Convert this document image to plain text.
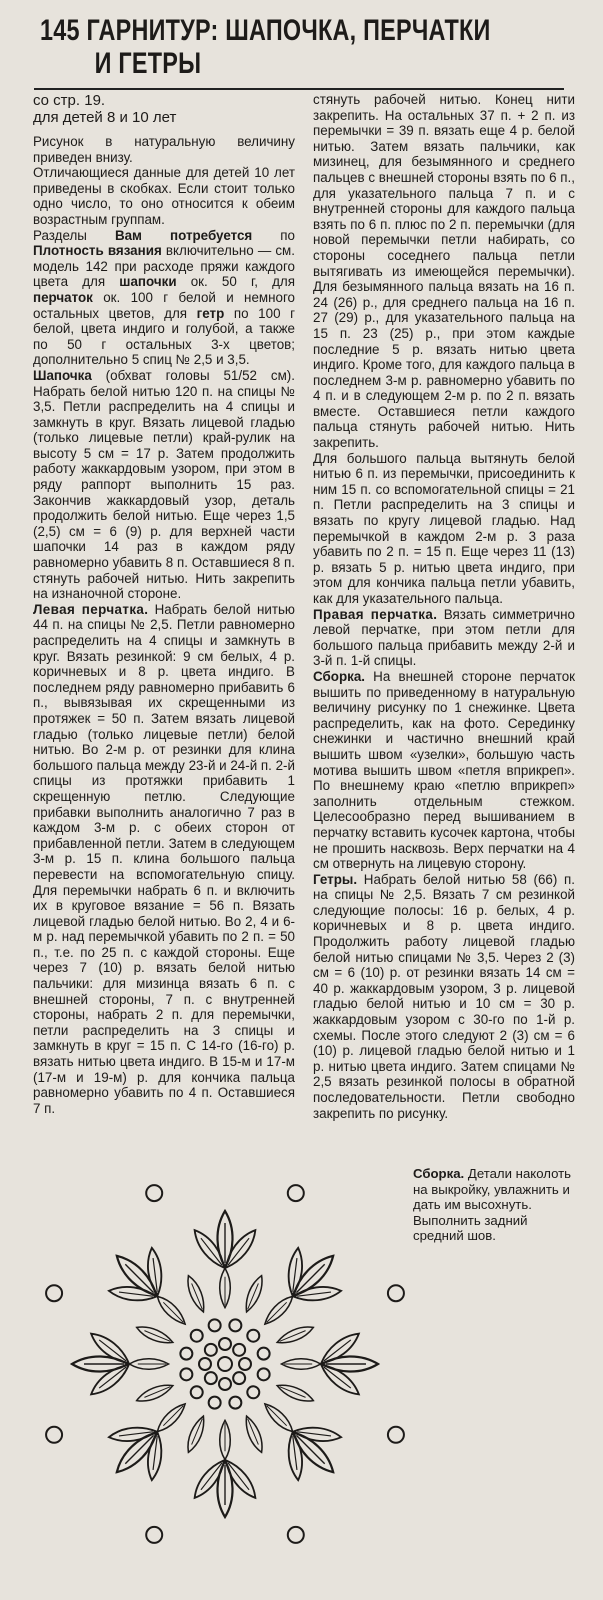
145 ГАРНИТУР: ШАПОЧКА, ПЕРЧАТКИ
И ГЕТРЫ

со стр. 19.
для детей 8 и 10 лет

Рисунок в натуральную величину приведен внизу.

Отличающиеся данные для детей 10 лет приведены в скобках. Если стоит только одно число, то оно относится к обеим возрастным группам.

Разделы Вам потребуется по Плотность вязания включительно — см. модель 142 при расходе пряжи каждого цвета для шапочки ок. 50 г, для перчаток ок. 100 г белой и немного остальных цветов, для гетр по 100 г белой, цвета индиго и голубой, а также по 50 г остальных 3-х цветов; дополнительно 5 спиц № 2,5 и 3,5.

Шапочка (обхват головы 51/52 см). Набрать белой нитью 120 п. на спицы № 3,5. Петли распределить на 4 спицы и замкнуть в круг. Вязать лицевой гладью (только лицевые петли) край-рулик на высоту 5 см = 17 р. Затем продолжить работу жаккардовым узором, при этом в ряду раппорт выполнить 15 раз. Закончив жаккардовый узор, деталь продолжить белой нитью. Еще через 1,5 (2,5) см = 6 (9) р. для верхней части шапочки 14 раз в каждом ряду равномерно убавить 8 п. Оставшиеся 8 п. стянуть рабочей нитью. Нить закрепить на изнаночной стороне.

Левая перчатка. Набрать белой нитью 44 п. на спицы № 2,5. Петли равномерно распределить на 4 спицы и замкнуть в круг. Вязать резинкой: 9 см белых, 4 р. коричневых и 8 р. цвета индиго. В последнем ряду равномерно прибавить 6 п., вывязывая их скрещенными из протяжек = 50 п. Затем вязать лицевой гладью (только лицевые петли) белой нитью. Во 2-м р. от резинки для клина большого пальца между 23-й и 24-й п. 2-й спицы из протяжки прибавить 1 скрещенную петлю. Следующие прибавки выполнить аналогично 7 раз в каждом 3-м р. с обеих сторон от прибавленной петли. Затем в следующем 3-м р. 15 п. клина большого пальца перевести на вспомогательную спицу. Для перемычки набрать 6 п. и включить их в круговое вязание = 56 п. Вязать лицевой гладью белой нитью. Во 2, 4 и 6-м р. над перемычкой убавить по 2 п. = 50 п., т.е. по 25 п. с каждой стороны. Еще через 7 (10) р. вязать белой нитью пальчики: для мизинца вязать 6 п. с внешней стороны, 7 п. с внутренней стороны, набрать 2 п. для перемычки, петли распределить на 3 спицы и замкнуть в круг = 15 п. С 14-го (16-го) р. вязать нитью цвета индиго. В 15-м и 17-м (17-м и 19-м) р. для кончика пальца равномерно убавить по 4 п. Оставшиеся 7 п.

стянуть рабочей нитью. Конец нити закрепить. На остальных 37 п. + 2 п. из перемычки = 39 п. вязать еще 4 р. белой нитью. Затем вязать пальчики, как мизинец, для безымянного и среднего пальцев с внешней стороны взять по 6 п., для указательного пальца 7 п. и с внутренней стороны для каждого пальца взять по 6 п. плюс по 2 п. перемычки (для новой перемычки петли набирать, со стороны соседнего пальца петли вытягивать из имеющейся перемычки). Для безымянного пальца вязать на 16 п. 24 (26) р., для среднего пальца на 16 п. 27 (29) р., для указательного пальца на 15 п. 23 (25) р., при этом каждые последние 5 р. вязать нитью цвета индиго. Кроме того, для каждого пальца в последнем 3-м р. равномерно убавить по 4 п. и в следующем 2-м р. по 2 п. вязать вместе. Оставшиеся петли каждого пальца стянуть рабочей нитью. Нить закрепить.

Для большого пальца вытянуть белой нитью 6 п. из перемычки, присоединить к ним 15 п. со вспомогательной спицы = 21 п. Петли распределить на 3 спицы и вязать по кругу лицевой гладью. Над перемычкой в каждом 2-м р. 3 раза убавить по 2 п. = 15 п. Еще через 11 (13) р. вязать 5 р. нитью цвета индиго, при этом для кончика пальца петли убавить, как для указательного пальца.

Правая перчатка. Вязать симметрично левой перчатке, при этом петли для большого пальца прибавить между 2-й и 3-й п. 1-й спицы.

Сборка. На внешней стороне перчаток вышить по приведенному в натуральную величину рисунку по 1 снежинке. Цвета распределить, как на фото. Серединку снежинки и частично внешний край вышить швом «узелки», большую часть мотива вышить швом «петля вприкреп». По внешнему краю «петлю вприкреп» заполнить отдельным стежком. Целесообразно перед вышиванием в перчатку вставить кусочек картона, чтобы не прошить насквозь. Верх перчатки на 4 см отвернуть на лицевую сторону.

Гетры. Набрать белой нитью 58 (66) п. на спицы № 2,5. Вязать 7 см резинкой следующие полосы: 16 р. белых, 4 р. коричневых и 8 р. цвета индиго. Продолжить работу лицевой гладью белой нитью спицами № 3,5. Через 2 (3) см = 6 (10) р. от резинки вязать 14 см = 40 р. жаккардовым узором, 3 р. лицевой гладью белой нитью и 10 см = 30 р. жаккардовым узором с 30-го по 1-й р. схемы. После этого следуют 2 (3) см = 6 (10) р. лицевой гладью белой нитью и 1 р. нитью цвета индиго. Затем спицами № 2,5 вязать резинкой полосы в обратной последовательности. Петли свободно закрепить по рисунку.

Сборка. Детали наколоть на выкройку, увлажнить и дать им высохнуть. Выполнить задний средний шов.
